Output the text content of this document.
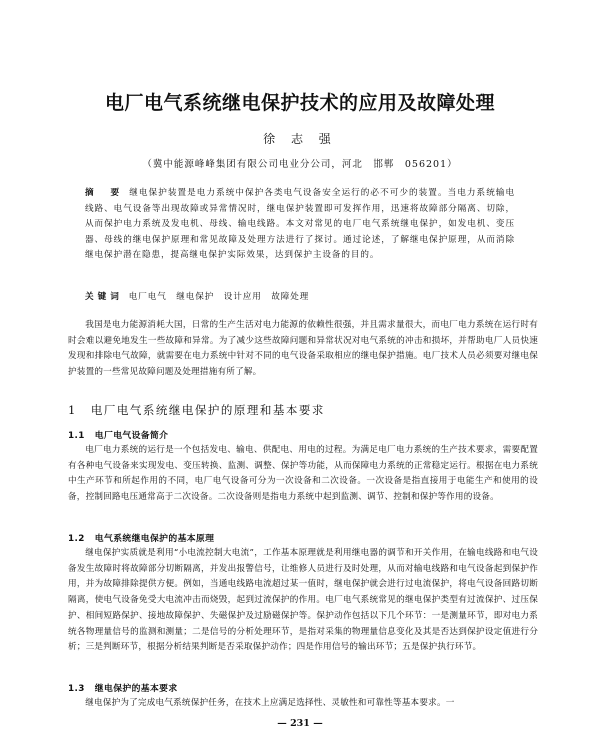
电厂电气系统继电保护技术的应用及故障处理
徐 志 强
（冀中能源峰峰集团有限公司电业分公司，河北　邯郸　056201）
摘　要 继电保护装置是电力系统中保护各类电气设备安全运行的必不可少的装置。当电力系统输电线路、电气设备等出现故障或异常情况时，继电保护装置即可发挥作用，迅速将故障部分隔离、切除，从而保护电力系统及发电机、母线、输电线路。本文对常见的电厂电气系统继电保护，如发电机、变压器、母线的继电保护原理和常见故障及处理方法进行了探讨。通过论述，了解继电保护原理，从而消除继电保护潜在隐患，提高继电保护实际效果，达到保护主设备的目的。
关键词 电厂电气　继电保护　设计应用　故障处理

我国是电力能源消耗大国，日常的生产生活对电力能源的依赖性很强，并且需求量很大，而电厂电力系统在运行时有时会难以避免地发生一些故障和异常。为了减少这些故障问题和异常状况对电气系统的冲击和损坏，并帮助电厂人员快速发现和排除电气故障，就需要在电力系统中针对不同的电气设备采取相应的继电保护措施。电厂技术人员必须要对继电保护装置的一些常见故障问题及处理措施有所了解。

1 电厂电气系统继电保护的原理和基本要求
1.1 电厂电气设备简介

电厂电力系统的运行是一个包括发电、输电、供配电、用电的过程。为满足电厂电力系统的生产技术要求，需要配置有各种电气设备来实现发电、变压转换、监测、调整、保护等功能，从而保障电力系统的正常稳定运行。根据在电力系统中生产环节和所起作用的不同，电厂电气设备可分为一次设备和二次设备。一次设备是指直接用于电能生产和使用的设备，控制回路电压通常高于二次设备。二次设备则是指电力系统中起到监测、调节、控制和保护等作用的设备。

1.2 电气系统继电保护的基本原理

继电保护实质就是利用“小电流控制大电流”，工作基本原理就是利用继电器的调节和开关作用，在输电线路和电气设备发生故障时将故障部分切断隔离，并发出报警信号，让维修人员进行及时处理，从而对输电线路和电气设备起到保护作用，并为故障排除提供方便。例如，当通电线路电流超过某一值时，继电保护就会进行过电流保护，将电气设备回路切断隔离，使电气设备免受大电流冲击而烧毁，起到过流保护的作用。电厂电气系统常见的继电保护类型有过流保护、过压保护、相间短路保护、接地故障保护、失磁保护及过励磁保护等。保护动作包括以下几个环节：一是测量环节，即对电力系统各物理量信号的监测和测量；二是信号的分析处理环节，是指对采集的物理量信息变化及其是否达到保护设定值进行分析；三是判断环节，根据分析结果判断是否采取保护动作；四是作用信号的输出环节；五是保护执行环节。

1.3 继电保护的基本要求

继电保护为了完成电气系统保护任务，在技术上应满足选择性、灵敏性和可靠性等基本要求。一

— 231 —
